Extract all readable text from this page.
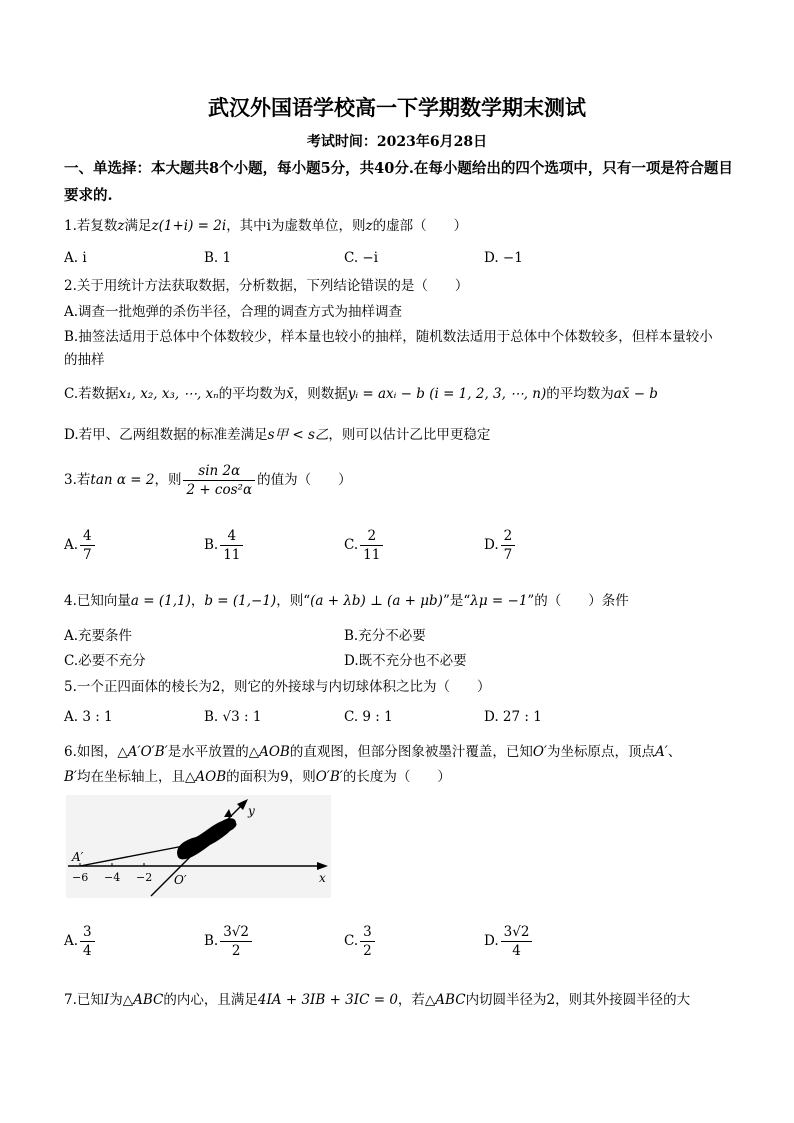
武汉外国语学校高一下学期数学期末测试
考试时间：2023年6月28日
一、单选择：本大题共8个小题，每小题5分，共40分.在每小题给出的四个选项中，只有一项是符合题目要求的.
1.若复数z满足z(1+i) = 2i，其中i为虚数单位，则z的虚部（　　）
A. i	B. 1	C. −i	D. −1
2.关于用统计方法获取数据，分析数据，下列结论错误的是（　　）
A.调查一批炮弹的杀伤半径，合理的调查方式为抽样调查
B.抽签法适用于总体中个体数较少，样本量也较小的抽样，随机数法适用于总体中个体数较多，但样本量较小
的抽样
C.若数据x₁, x₂, x₃, ⋯, xₙ的平均数为x̄，则数据yᵢ = axᵢ − b (i = 1, 2, 3, ⋯, n)的平均数为ax̄ − b
D.若甲、乙两组数据的标准差满足s甲 < s乙，则可以估计乙比甲更稳定
3.若tan α = 2，则 $\frac{\sin 2\alpha}{\text{2 + cos²α}}$ 的值为（　　）
A. $\frac{4}{7}$	B. $\frac{4}{11}$	C. $\frac{2}{11}$	D. $\frac{2}{7}$
4.已知向量a = (1,1)，b = (1,−1)，则“(a + λb) ⊥ (a + μb)”是“λμ = −1”的（　　）条件
A.充要条件	B.充分不必要
C.必要不充分	D.既不充分也不必要
5.一个正四面体的棱长为2，则它的外接球与内切球体积之比为（　　）
A. 3 : 1	B. √3 : 1	C. 9 : 1	D. 27 : 1
6.如图，△A′O′B′是水平放置的△AOB的直观图，但部分图象被墨汁覆盖，已知O′为坐标原点，顶点A′、
B′均在坐标轴上，且△AOB的面积为9，则O′B′的长度为（　　）
A′
O′
y
x
−6 −4 −2
A. $\frac{3}{4}$	B. $\frac{3√2}{2}$	C. $\frac{3}{2}$	D. $\frac{3√2}{4}$
7.已知I为△ABC的内心，且满足4IA + 3IB + 3IC = 0，若△ABC内切圆半径为2，则其外接圆半径的大
